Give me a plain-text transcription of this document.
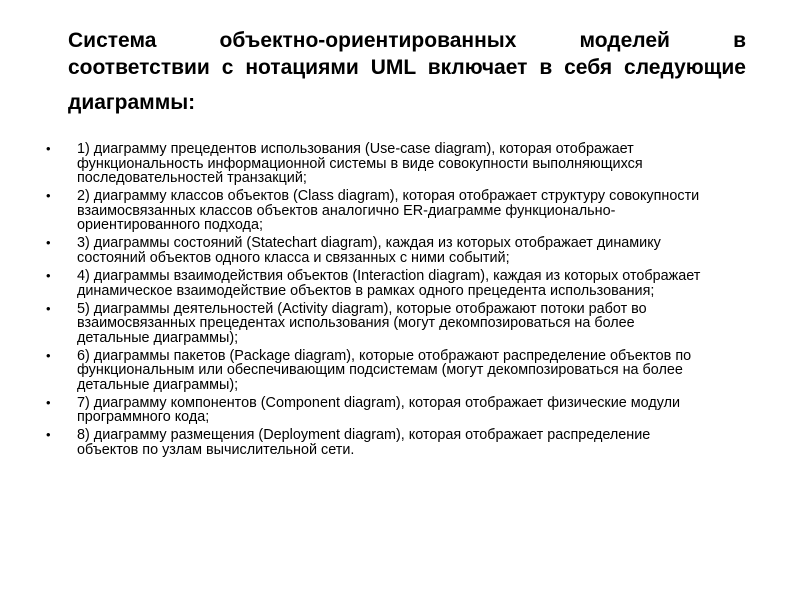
Система объектно-ориентированных моделей в
соответствии с нотациями UML включает в себя следующие
диаграммы:
• 1) диаграмму прецедентов использования (Use-case diagram), которая отображает
функциональность информационной системы в виде совокупности выполняющихся
последовательностей транзакций;
• 2) диаграмму классов объектов (Class diagram), которая отображает структуру совокупности
взаимосвязанных классов объектов аналогично ER-диаграмме функционально-
ориентированного подхода;
• 3) диаграммы состояний (Statechart diagram), каждая из которых отображает динамику
состояний объектов одного класса и связанных с ними событий;
• 4) диаграммы взаимодействия объектов (Interaction diagram), каждая из которых отображает
динамическое взаимодействие объектов в рамках одного прецедента использования;
• 5) диаграммы деятельностей (Activity diagram), которые отображают потоки работ во
взаимосвязанных прецедентах использования (могут декомпозироваться на более
детальные диаграммы);
• 6) диаграммы пакетов (Package diagram), которые отображают распределение объектов по
функциональным или обеспечивающим подсистемам (могут декомпозироваться на более
детальные диаграммы);
• 7) диаграмму компонентов (Component diagram), которая отображает физические модули
программного кода;
• 8) диаграмму размещения (Deployment diagram), которая отображает распределение
объектов по узлам вычислительной сети.
